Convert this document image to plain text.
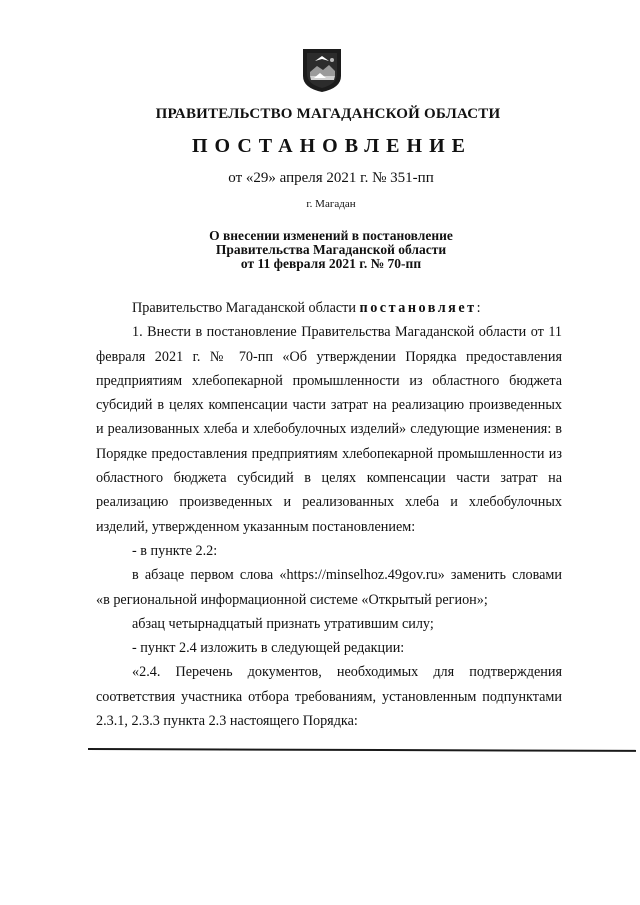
ПРАВИТЕЛЬСТВО МАГАДАНСКОЙ ОБЛАСТИ
ПОСТАНОВЛЕНИЕ
от «29» апреля 2021 г. № 351-пп
г. Магадан
О внесении изменений в постановление
Правительства Магаданской области
от 11 февраля 2021 г. № 70-пп

Правительство Магаданской области постановляет:

1. Внести в постановление Правительства Магаданской области от 11 февраля 2021 г. № 70-пп «Об утверждении Порядка предоставления предприятиям хлебопекарной промышленности из областного бюджета субсидий в целях компенсации части затрат на реализацию произведенных и реализованных хлеба и хлебобулочных изделий» следующие изменения: в Порядке предоставления предприятиям хлебопекарной промышленности из областного бюджета субсидий в целях компенсации части затрат на реализацию произведенных и реализованных хлеба и хлебобулочных изделий, утвержденном указанным постановлением:

- в пункте 2.2:

в абзаце первом слова «https://minselhoz.49gov.ru» заменить словами «в региональной информационной системе «Открытый регион»;

абзац четырнадцатый признать утратившим силу;

- пункт 2.4 изложить в следующей редакции:

«2.4. Перечень документов, необходимых для подтверждения соответствия участника отбора требованиям, установленным подпунктами 2.3.1, 2.3.3 пункта 2.3 настоящего Порядка:
